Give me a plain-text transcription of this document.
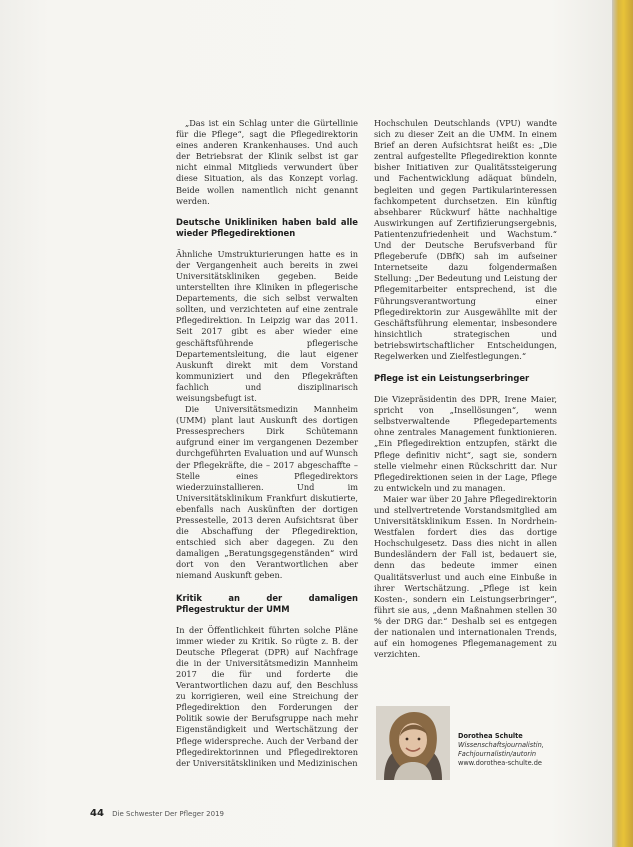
„Das ist ein Schlag unter die Gürtellinie für die Pflege“, sagt die Pflegedirektorin eines anderen Krankenhauses. Und auch der Betriebsrat der Klinik selbst ist gar nicht einmal Mitglieds verwundert über diese Situation, als das Konzept vorlag. Beide wollen namentlich nicht genannt werden.

Deutsche Unikliniken haben bald alle wieder Pflegedirektionen

Ähnliche Umstrukturierungen hatte es in der Vergangenheit auch bereits in zwei Universitätskliniken gegeben. Beide unterstellten ihre Kliniken in pflegerische Departements, die sich selbst verwalten sollten, und verzichteten auf eine zentrale Pflegedirektion. In Leipzig war das 2011. Seit 2017 gibt es aber wieder eine geschäftsführende pflegerische Departementsleitung, die laut eigener Auskunft direkt mit dem Vorstand kommuniziert und den Pflegekräften fachlich und disziplinarisch weisungsbefugt ist.

Die Universitätsmedizin Mannheim (UMM) plant laut Auskunft des dortigen Pressesprechers Dirk Schütemann aufgrund einer im vergangenen Dezember durchgeführten Evaluation und auf Wunsch der Pflegekräfte, die – 2017 abgeschaffte – Stelle eines Pflegedirektors wiederzuinstallieren. Und im Universitätsklinikum Frankfurt diskutierte, ebenfalls nach Auskünften der dortigen Pressestelle, 2013 deren Aufsichtsrat über die Abschaffung der Pflegedirektion, entschied sich aber dagegen. Zu den damaligen „Beratungsgegenständen“ wird dort von den Verantwortlichen aber niemand Auskunft geben.

Kritik an der damaligen Pflegestruktur der UMM

In der Öffentlichkeit führten solche Pläne immer wieder zu Kritik. So rügte z. B. der Deutsche Pflegerat (DPR) auf Nachfrage die in der Universitätsmedizin Mannheim 2017 die für und forderte die Verantwortlichen dazu auf, den Beschluss zu korrigieren, weil eine Streichung der Pflegedirektion den Forderungen der Politik sowie der Berufsgruppe nach mehr Eigenständigkeit und Wertschätzung der Pflege widerspreche. Auch der Verband der Pflegedirektorinnen und Pflegedirektoren der Universitätskliniken und Medizinischen

Hochschulen Deutschlands (VPU) wandte sich zu dieser Zeit an die UMM. In einem Brief an deren Aufsichtsrat heißt es: „Die zentral aufgestellte Pflegedirektion konnte bisher Initiativen zur Qualitätssteigerung und Fachentwicklung adäquat bündeln, begleiten und gegen Partikularinteressen fachkompetent durchsetzen. Ein künftig absehbarer Rückwurf hätte nachhaltige Auswirkungen auf Zertifizierungsergebnis, Patientenzufriedenheit und Wachstum.“ Und der Deutsche Berufsverband für Pflegeberufe (DBfK) sah im aufseiner Internetseite dazu folgendermaßen Stellung: „Der Bedeutung und Leistung der Pflegemitarbeiter entsprechend, ist die Führungsverantwortung einer Pflegedirektorin zur Ausgewähllte mit der Geschäftsführung elementar, insbesondere hinsichtlich strategischen und betriebswirtschaftlicher Entscheidungen, Regelwerken und Zielfestlegungen.“

Pflege ist ein Leistungserbringer

Die Vizepräsidentin des DPR, Irene Maier, spricht von „Insellösungen“, wenn selbstverwaltende Pflegedepartements ohne zentrales Management funktionieren. „Ein Pflegedirektion entzupfen, stärkt die Pflege definitiv nicht“, sagt sie, sondern stelle vielmehr einen Rückschritt dar. Nur Pflegedirektionen seien in der Lage, Pflege zu entwickeln und zu managen.

Maier war über 20 Jahre Pflegedirektorin und stellvertretende Vorstandsmitglied am Universitätsklinikum Essen. In Nordrhein-Westfalen fordert dies das dortige Hochschulgesetz. Dass dies nicht in allen Bundesländern der Fall ist, bedauert sie, denn das bedeute immer einen Qualitätsverlust und auch eine Einbuße in ihrer Wertschätzung. „Pflege ist kein Kosten-, sondern ein Leistungserbringer“, führt sie aus, „denn Maßnahmen stellen 30 % der DRG dar.“ Deshalb sei es entgegen der nationalen und internationalen Trends, auf ein homogenes Pflegemanagement zu verzichten.

Dorothea Schulte
Wissenschaftsjournalistin,
Fachjournalistin/autorin
www.dorothea-schulte.de
44 Die Schwester Der Pfleger 2019
